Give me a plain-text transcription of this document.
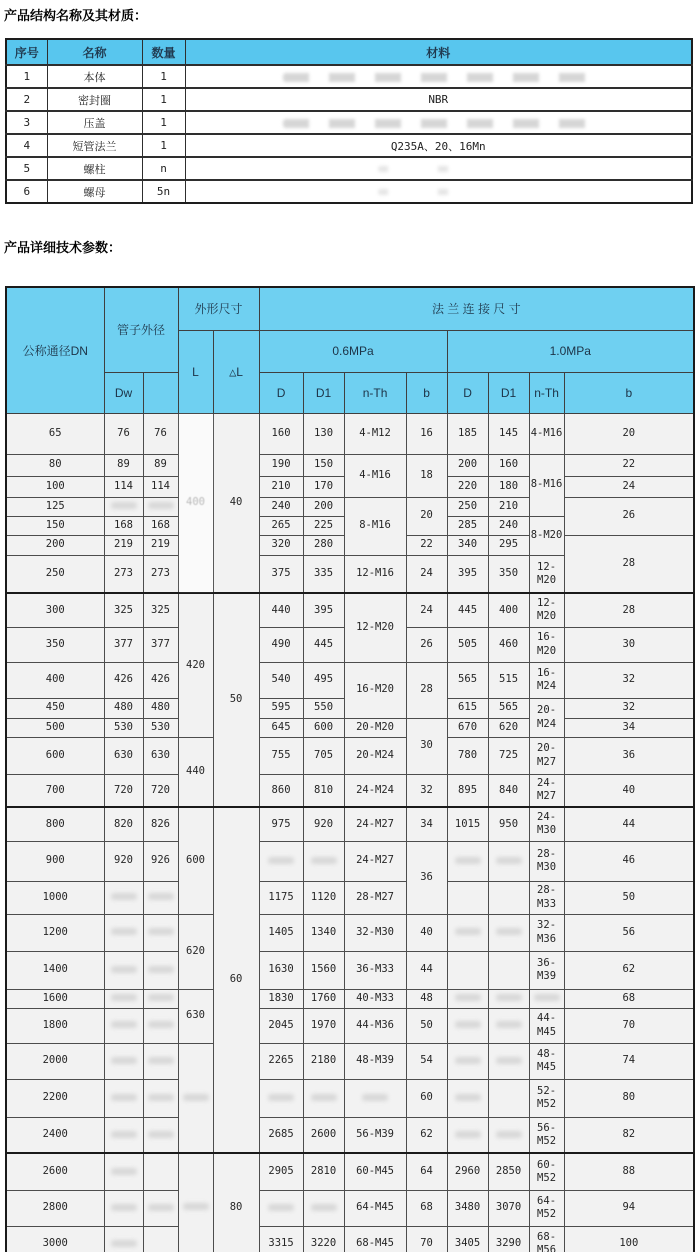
产品结构名称及其材质：
序号	名称	数量	材料
1	本体	1	
2	密封圈	1	NBR
3	压盖	1	
4	短管法兰	1	Q235A、20、16Mn
5	螺柱	n	
6	螺母	5n	
产品详细技术参数：
公称通径DN	管子外径		外形尺寸		法 兰 连 接 尺 寸							
			L	△L	0.6MPa				1.0MPa			
	Dw				D	D1	n-Th	b	D	D1	n-Th	b
65	76	76	400	40	160	130	4-M12	16	185	145	4-M16	20
80	89	89			190	150	4-M16	18	200	160	8-M16	22
100	114	114			210	170			220	180		24
125					240	200	8-M16	20	250	210		26
150	168	168			265	225			285	240	8-M20	
200	219	219			320	280		22	340	295		28
250	273	273			375	335	12-M16	24	395	350	12-M20	
300	325	325	420	50	440	395	12-M20	24	445	400	12-M20	28
350	377	377			490	445		26	505	460	16-M20	30
400	426	426			540	495	16-M20	28	565	515	16-M24	32
450	480	480			595	550			615	565	20-M24	32
500	530	530			645	600	20-M20	30	670	620		34
600	630	630	440		755	705	20-M24		780	725	20-M27	36
700	720	720			860	810	24-M24	32	895	840	24-M27	40
800	820	826	600	60	975	920	24-M27	34	1015	950	24-M30	44
900	920	926					24-M27	36			28-M30	46
1000					1175	1120	28-M27				28-M33	50
1200			620		1405	1340	32-M30	40			32-M36	56
1400					1630	1560	36-M33	44			36-M39	62
1600			630		1830	1760	40-M33	48				68
1800					2045	1970	44-M36	50			44-M45	70
2000					2265	2180	48-M39	54			48-M45	74
2200								60			52-M52	80
2400					2685	2600	56-M39	62			56-M52	82
2600				80	2905	2810	60-M45	64	2960	2850	60-M52	88
2800							64-M45	68	3480	3070	64-M52	94
3000					3315	3220	68-M45	70	3405	3290	68-M56	100
